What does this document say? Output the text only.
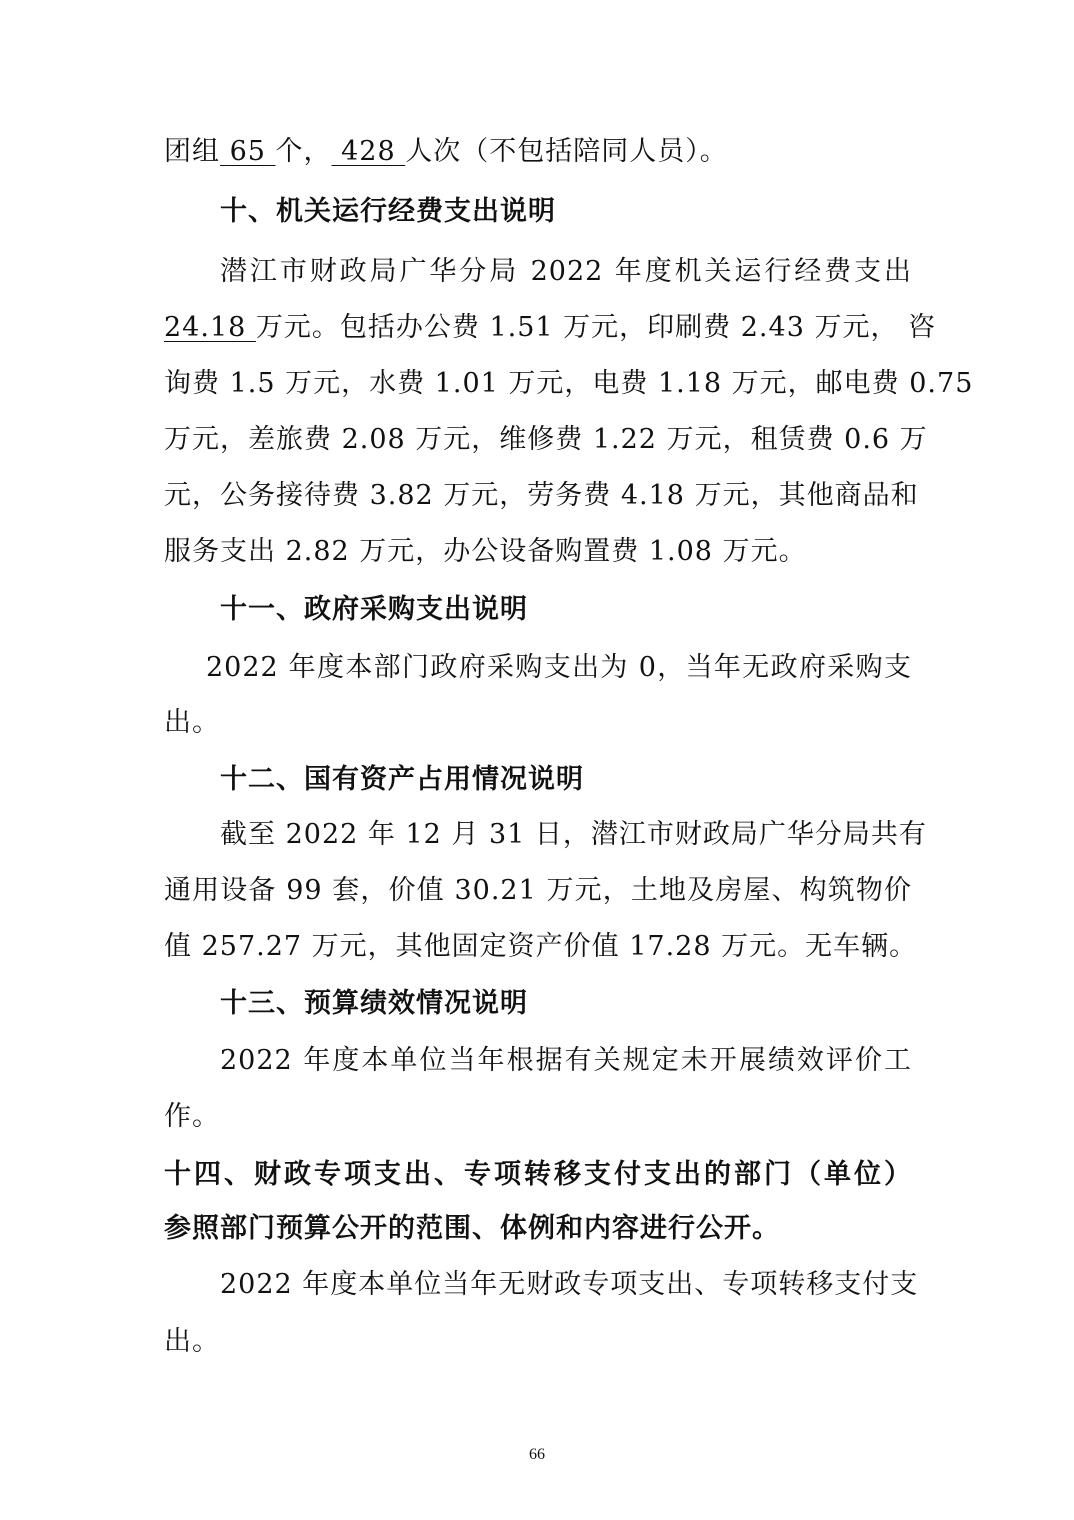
团组 65 个， 428 人次（不包括陪同人员）。
十、机关运行经费支出说明
潜江市财政局广华分局 2022 年度机关运行经费支出
24.18 万元。包括办公费 1.51 万元，印刷费 2.43 万元， 咨
询费 1.5 万元，水费 1.01 万元，电费 1.18 万元，邮电费 0.75
万元，差旅费 2.08 万元，维修费 1.22 万元，租赁费 0.6 万
元，公务接待费 3.82 万元，劳务费 4.18 万元，其他商品和
服务支出 2.82 万元，办公设备购置费 1.08 万元。
十一、政府采购支出说明
2022 年度本部门政府采购支出为 0，当年无政府采购支
出。
十二、国有资产占用情况说明
截至 2022 年 12 月 31 日，潜江市财政局广华分局共有
通用设备 99 套，价值 30.21 万元，土地及房屋、构筑物价
值 257.27 万元，其他固定资产价值 17.28 万元。无车辆。
十三、预算绩效情况说明
2022 年度本单位当年根据有关规定未开展绩效评价工
作。
十四、财政专项支出、专项转移支付支出的部门（单位）
参照部门预算公开的范围、体例和内容进行公开。
2022 年度本单位当年无财政专项支出、专项转移支付支
出。
66
